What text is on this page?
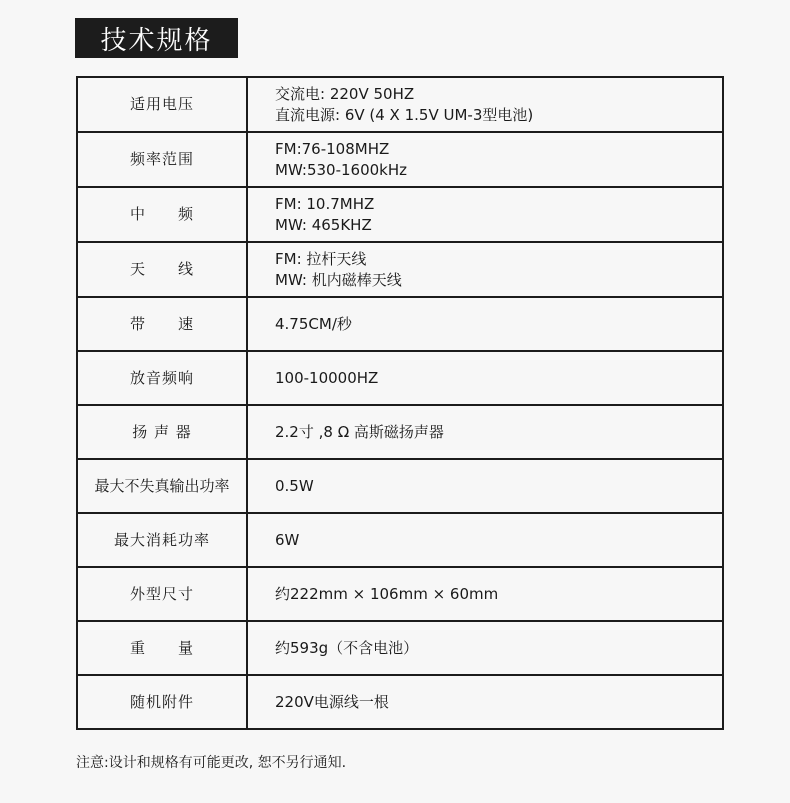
技术规格
适用电压	交流电: 220V 50HZ
直流电源: 6V (4 X 1.5V UM-3型电池)

频率范围	FM:76-108MHZ
MW:530-1600kHz

中　　频	FM: 10.7MHZ
MW: 465KHZ

天　　线	FM: 拉杆天线
MW: 机内磁棒天线

带　　速	4.75CM/秒

放音频响	100-10000HZ

扬 声 器	2.2寸 ,8 Ω 高斯磁扬声器

最大不失真输出功率	0.5W

最大消耗功率	6W

外型尺寸	约222mm × 106mm × 60mm

重　　量	约593g（不含电池）

随机附件	220V电源线一根
注意:设计和规格有可能更改, 恕不另行通知.
